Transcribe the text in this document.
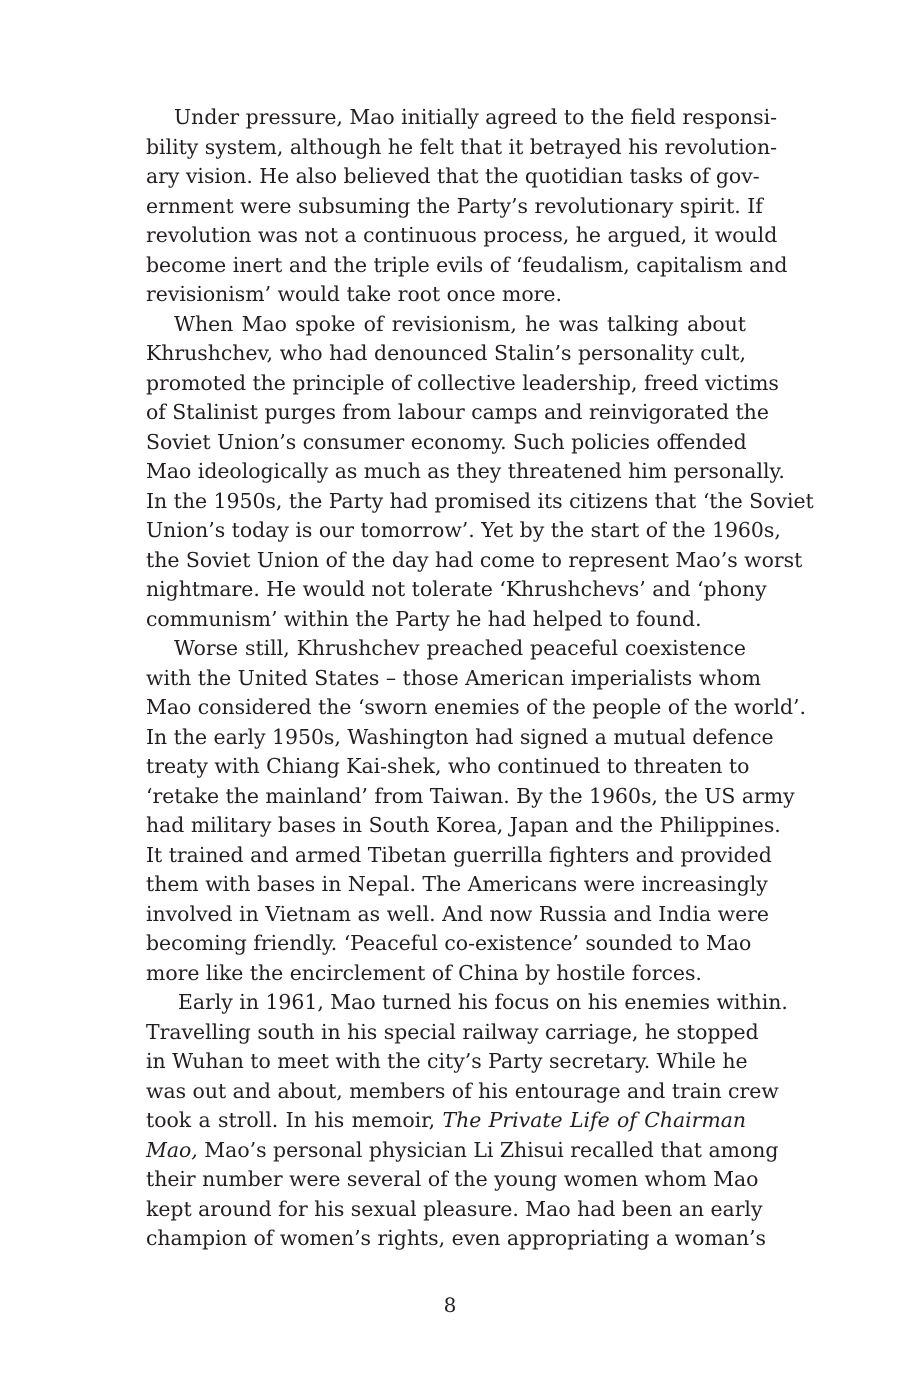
Under pressure, Mao initially agreed to the field responsi-
bility system, although he felt that it betrayed his revolution-
ary vision. He also believed that the quotidian tasks of gov-
ernment were subsuming the Party’s revolutionary spirit. If
revolution was not a continuous process, he argued, it would
become inert and the triple evils of ‘feudalism, capitalism and
revisionism’ would take root once more.
When Mao spoke of revisionism, he was talking about
Khrushchev, who had denounced Stalin’s personality cult,
promoted the principle of collective leadership, freed victims
of Stalinist purges from labour camps and reinvigorated the
Soviet Union’s consumer economy. Such policies offended
Mao ideologically as much as they threatened him personally.
In the 1950s, the Party had promised its citizens that ‘the Soviet
Union’s today is our tomorrow’. Yet by the start of the 1960s,
the Soviet Union of the day had come to represent Mao’s worst
nightmare. He would not tolerate ‘Khrushchevs’ and ‘phony
communism’ within the Party he had helped to found.
Worse still, Khrushchev preached peaceful coexistence
with the United States – those American imperialists whom
Mao considered the ‘sworn enemies of the people of the world’.
In the early 1950s, Washington had signed a mutual defence
treaty with Chiang Kai-shek, who continued to threaten to
‘retake the mainland’ from Taiwan. By the 1960s, the US army
had military bases in South Korea, Japan and the Philippines.
It trained and armed Tibetan guerrilla fighters and provided
them with bases in Nepal. The Americans were increasingly
involved in Vietnam as well. And now Russia and India were
becoming friendly. ‘Peaceful co-existence’ sounded to Mao
more like the encirclement of China by hostile forces.
Early in 1961, Mao turned his focus on his enemies within.
Travelling south in his special railway carriage, he stopped
in Wuhan to meet with the city’s Party secretary. While he
was out and about, members of his entourage and train crew
took a stroll. In his memoir, The Private Life of Chairman
Mao, Mao’s personal physician Li Zhisui recalled that among
their number were several of the young women whom Mao
kept around for his sexual pleasure. Mao had been an early
champion of women’s rights, even appropriating a woman’s
8
